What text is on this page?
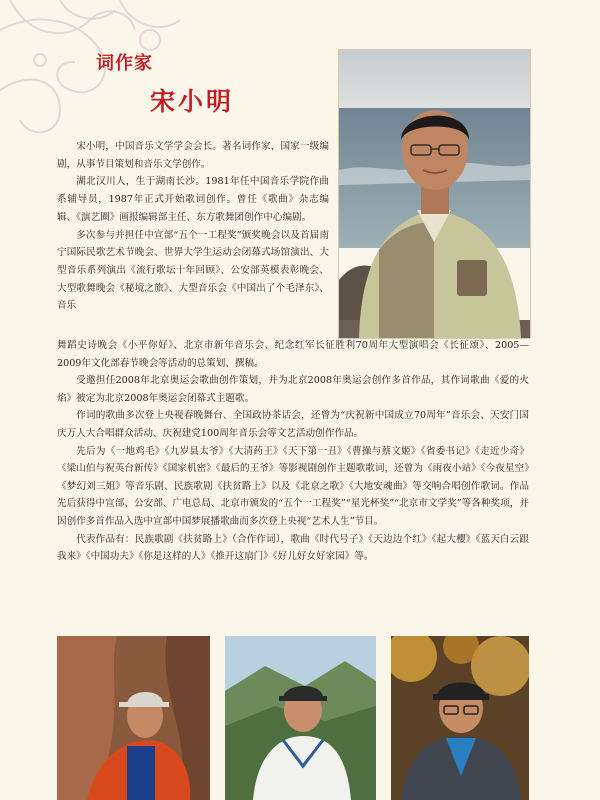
词作家
宋小明

宋小明，中国音乐文学学会会长。著名词作家，国家一级编剧，从事节目策划和音乐文学创作。

湖北汉川人，生于湖南长沙。1981年任中国音乐学院作曲系辅导员，1987年正式开始歌词创作。曾任《歌曲》杂志编辑、《演艺圈》画报编辑部主任、东方歌舞团创作中心编剧。

多次参与并担任中宣部“五个一工程奖”颁奖晚会以及首届南宁国际民歌艺术节晚会、世界大学生运动会闭幕式场馆演出、大型音乐系列演出《流行歌坛十年回顾》、公安部英模表彰晚会、大型歌舞晚会《秘境之旅》、大型音乐会《中国出了个毛泽东》、音乐

舞蹈史诗晚会《小平你好》、北京市新年音乐会、纪念红军长征胜利70周年大型演唱会《长征颂》、2005—2009年文化部春节晚会等活动的总策划、撰稿。

受邀担任2008年北京奥运会歌曲创作策划，并为北京2008年奥运会创作多首作品，其作词歌曲《爱的火焰》被定为北京2008年奥运会闭幕式主题歌。

作词的歌曲多次登上央视春晚舞台、全国政协茶话会，还曾为“庆祝新中国成立70周年”音乐会、天安门国庆万人大合唱群众活动、庆祝建党100周年音乐会等文艺活动创作作品。

先后为《一地鸡毛》《九岁县太爷》《大清药王》《天下第一丑》《曹操与蔡文姬》《省委书记》《走近少奇》《梁山伯与祝英台新传》《国家机密》《最后的王爷》等影视剧创作主题歌歌词，还曾为《雨夜小站》《今夜星空》《梦幻刘三姐》等音乐剧、民族歌剧《扶贫路上》以及《北京之歌》《大地安魂曲》等交响合唱创作歌词。作品先后获得中宣部、公安部、广电总局、北京市颁发的“五个一工程奖”“星光杯奖”“北京市文学奖”等各种奖项，并因创作多首作品入选中宣部中国梦展播歌曲而多次登上央视“艺术人生”节目。

代表作品有：民族歌剧《扶贫路上》（合作作词），歌曲《时代号子》《天边边个红》《起大櫻》《蓝天白云跟我来》《中国功夫》《你是这样的人》《推开这扇门》《好儿好女好家园》等。
